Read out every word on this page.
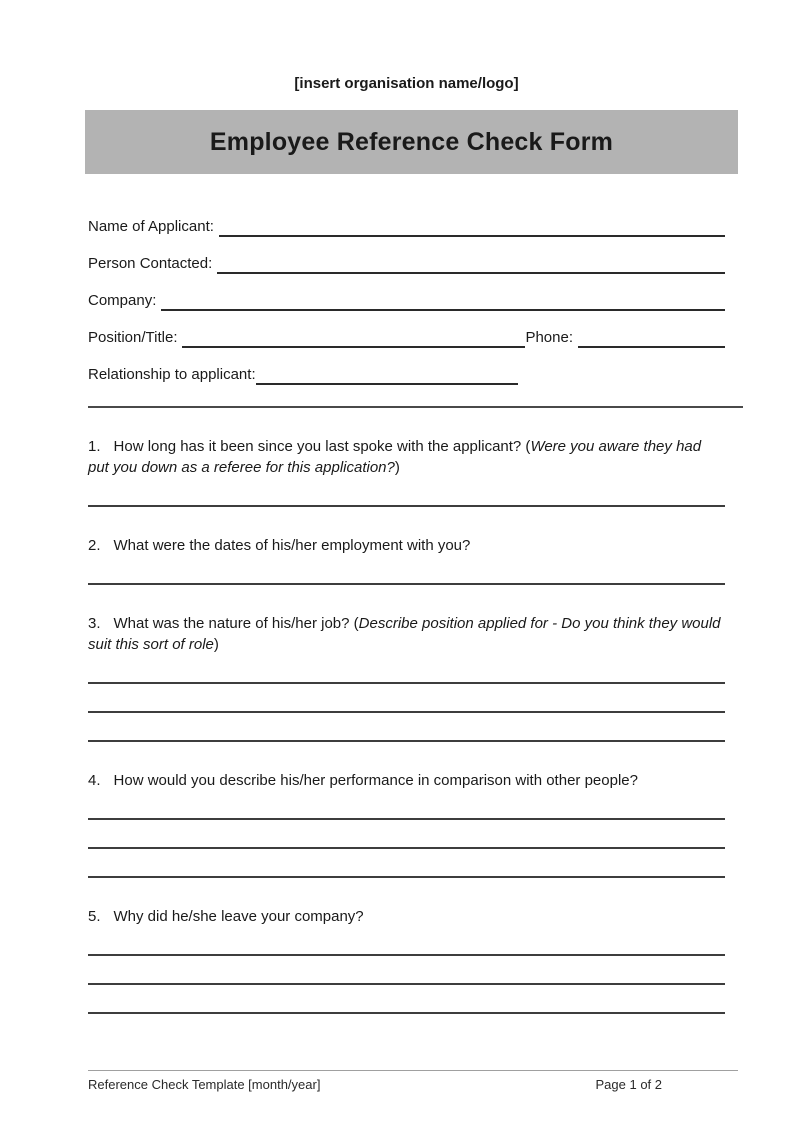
[insert organisation name/logo]
Employee Reference Check Form
Name of Applicant:
Person Contacted:
Company:
Position/Title:	Phone:
Relationship to applicant:

1. How long has it been since you last spoke with the applicant? (Were you aware they had put you down as a referee for this application?)

2. What were the dates of his/her employment with you?

3. What was the nature of his/her job? (Describe position applied for - Do you think they would suit this sort of role)

4. How would you describe his/her performance in comparison with other people?

5. Why did he/she leave your company?

Reference Check Template [month/year]	Page 1 of 2
